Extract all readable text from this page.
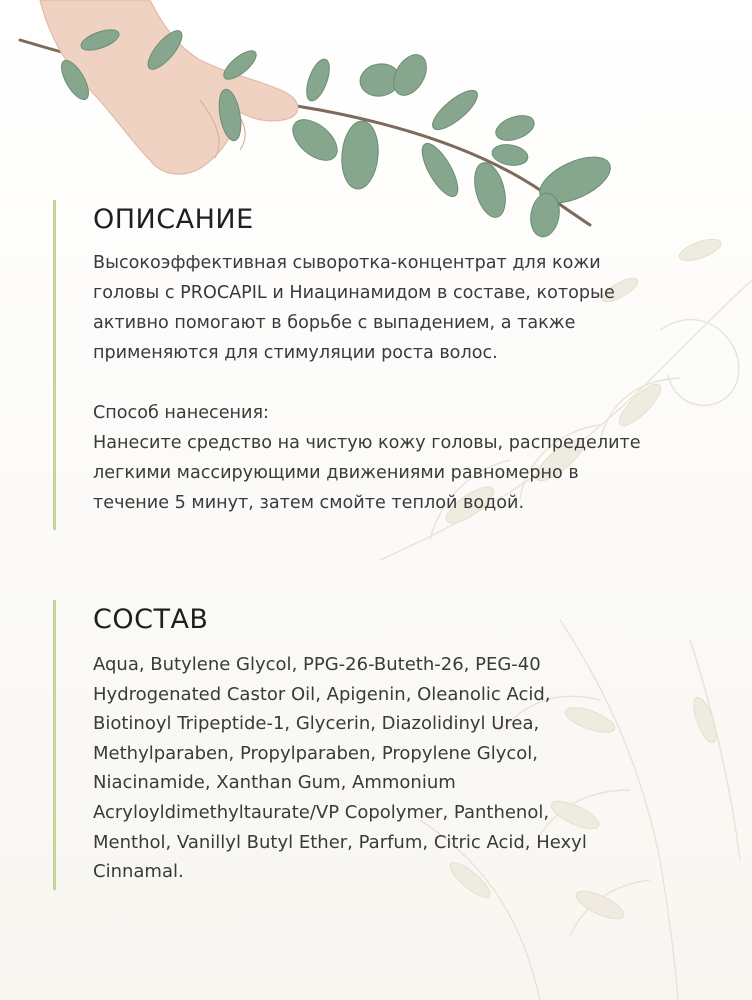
ОПИСАНИЕ
Высокоэффективная сыворотка-концентрат для кожи
головы с PROCAPIL и Ниацинамидом в составе, которые
активно помогают в борьбе с выпадением, а также
применяются для стимуляции роста волос.
Способ нанесения:
Нанесите средство на чистую кожу головы, распределите
легкими массирующими движениями равномерно в
течение 5 минут, затем смойте теплой водой.
СОСТАВ
Aqua, Butylene Glycol, PPG-26-Buteth-26, PEG-40
Hydrogenated Castor Oil, Apigenin, Oleanolic Acid,
Biotinoyl Tripeptide-1, Glycerin, Diazolidinyl Urea,
Methylparaben, Propylparaben, Propylene Glycol,
Niacinamide, Xanthan Gum, Ammonium
Acryloyldimethyltaurate/VP Copolymer, Panthenol,
Menthol, Vanillyl Butyl Ether, Parfum, Citric Acid, Hexyl
Cinnamal.
